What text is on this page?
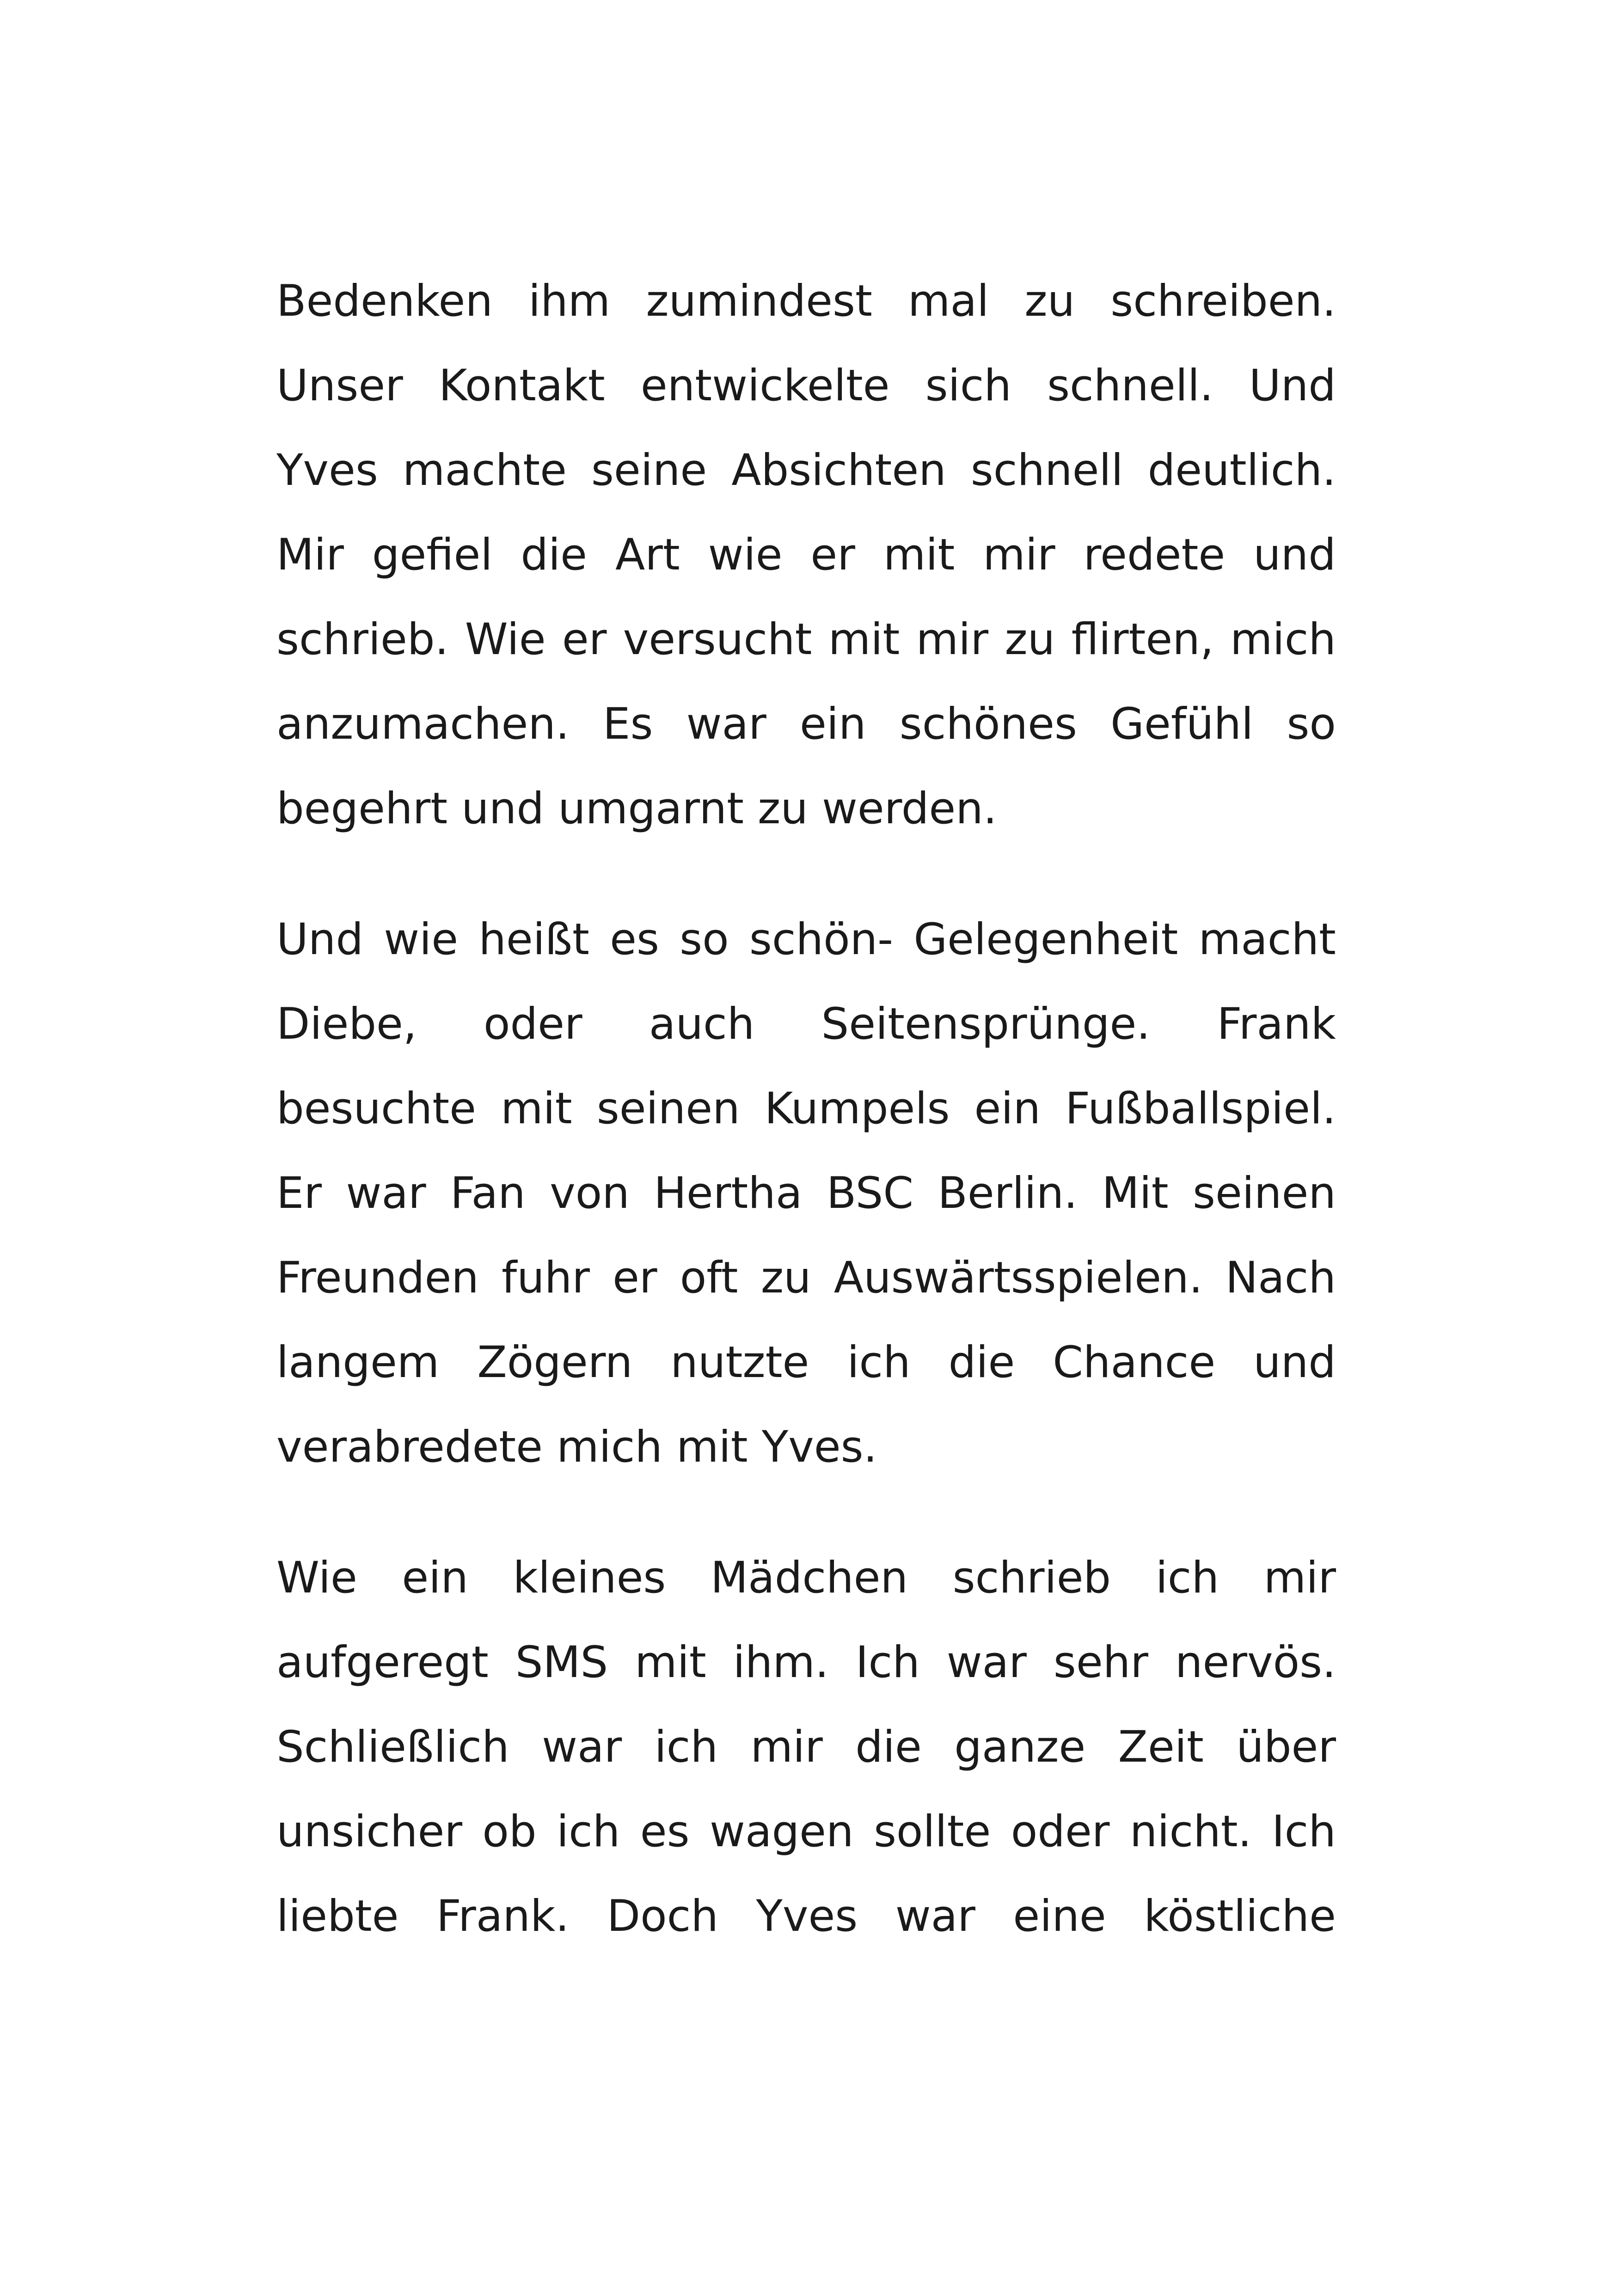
Bedenken ihm zumindest mal zu schreiben.
Unser Kontakt entwickelte sich schnell. Und
Yves machte seine Absichten schnell deutlich.
Mir gefiel die Art wie er mit mir redete und
schrieb. Wie er versucht mit mir zu flirten, mich
anzumachen. Es war ein schönes Gefühl so
begehrt und umgarnt zu werden.
Und wie heißt es so schön- Gelegenheit macht
Diebe, oder auch Seitensprünge. Frank
besuchte mit seinen Kumpels ein Fußballspiel.
Er war Fan von Hertha BSC Berlin. Mit seinen
Freunden fuhr er oft zu Auswärtsspielen. Nach
langem Zögern nutzte ich die Chance und
verabredete mich mit Yves.
Wie ein kleines Mädchen schrieb ich mir
aufgeregt SMS mit ihm. Ich war sehr nervös.
Schließlich war ich mir die ganze Zeit über
unsicher ob ich es wagen sollte oder nicht. Ich
liebte Frank. Doch Yves war eine köstliche
